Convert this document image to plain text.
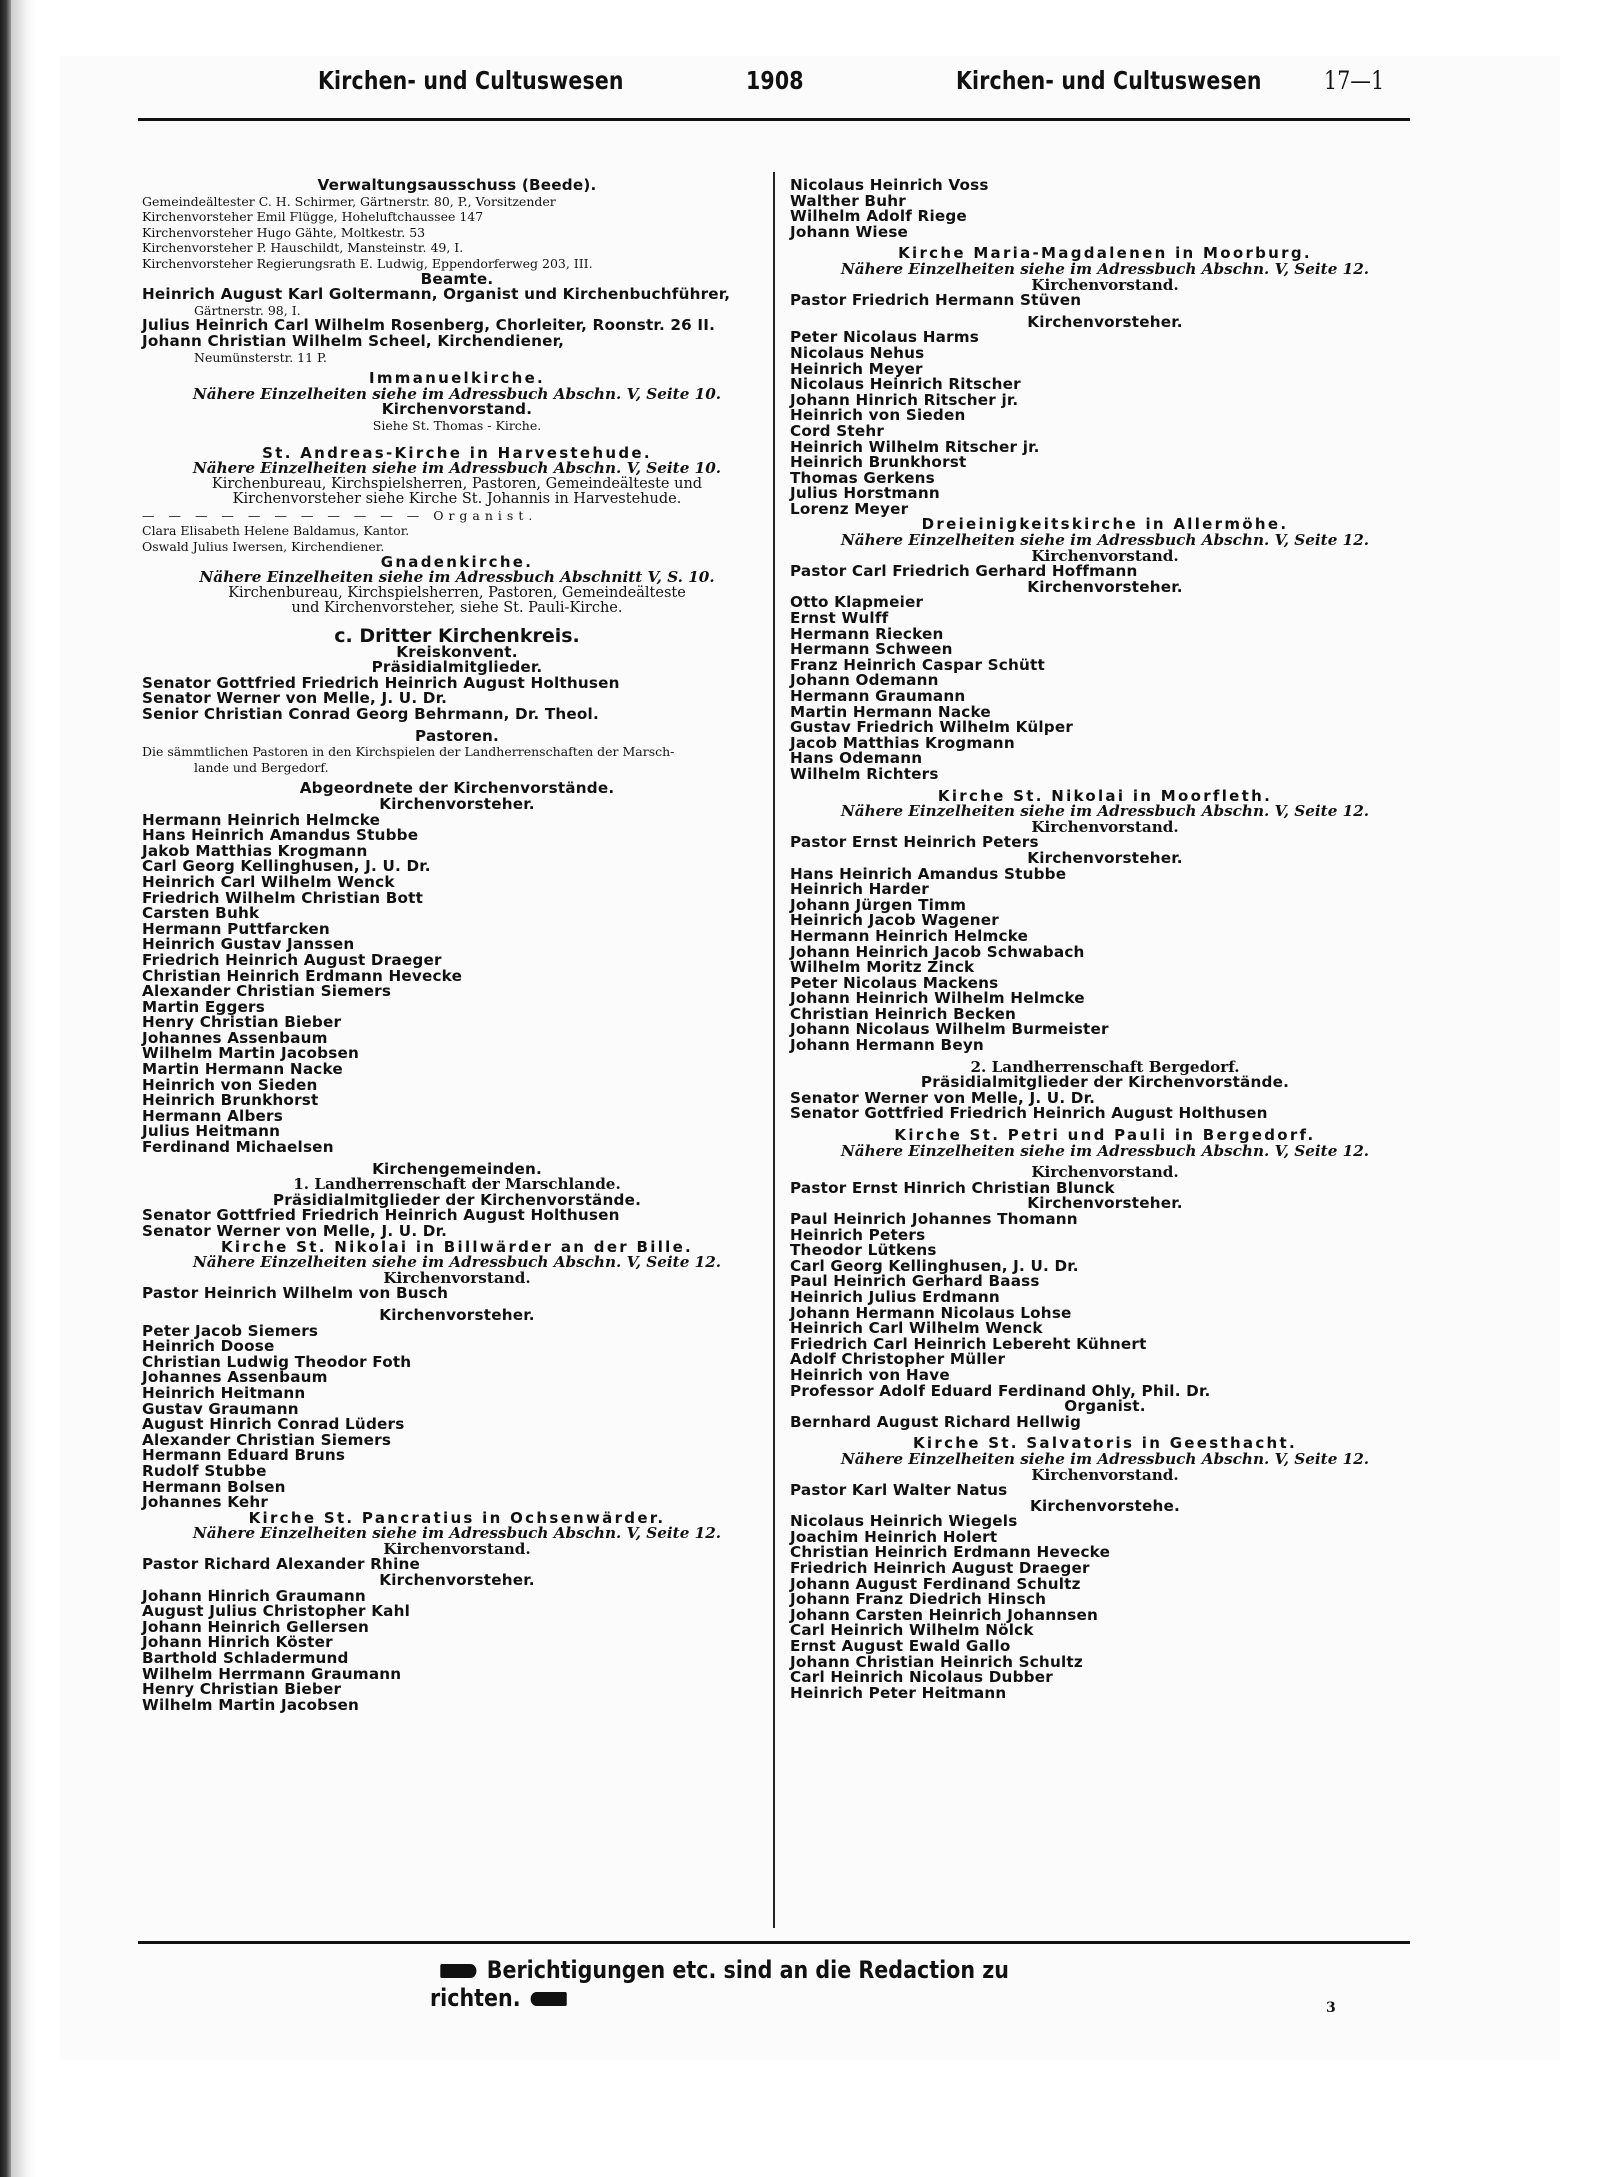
Kirchen- und Cultuswesen	1908	Kirchen- und Cultuswesen 17—1
Verwaltungsausschuss (Beede).
Gemeindeältester C. H. Schirmer, Gärtnerstr. 80, P., Vorsitzender
Kirchenvorsteher Emil Flügge, Hoheluftchaussee 147
Kirchenvorsteher Hugo Gähte, Moltkestr. 53
Kirchenvorsteher P. Hauschildt, Mansteinstr. 49, I.
Kirchenvorsteher Regierungsrath E. Ludwig, Eppendorferweg 203, III.
Beamte.
Heinrich August Karl Goltermann, Organist und Kirchenbuchführer,
Gärtnerstr. 98, I.
Julius Heinrich Carl Wilhelm Rosenberg, Chorleiter, Roonstr. 26 II.
Johann Christian Wilhelm Scheel, Kirchendiener,
Neumünsterstr. 11 P.
Immanuelkirche.
Nähere Einzelheiten siehe im Adressbuch Abschn. V, Seite 10.
Kirchenvorstand.
Siehe St. Thomas - Kirche.
St. Andreas-Kirche in Harvestehude.
Nähere Einzelheiten siehe im Adressbuch Abschn. V, Seite 10.
Kirchenbureau, Kirchspielsherren, Pastoren, Gemeindeälteste und
Kirchenvorsteher siehe Kirche St. Johannis in Harvestehude.
— — — — — — — — — — — Organist.
Clara Elisabeth Helene Baldamus, Kantor.
Oswald Julius Iwersen, Kirchendiener.
Gnadenkirche.
Nähere Einzelheiten siehe im Adressbuch Abschnitt V, S. 10.
Kirchenbureau, Kirchspielsherren, Pastoren, Gemeindeälteste
und Kirchenvorsteher, siehe St. Pauli-Kirche.
c. Dritter Kirchenkreis.
Kreiskonvent.
Präsidialmitglieder.
Senator Gottfried Friedrich Heinrich August Holthusen
Senator Werner von Melle, J. U. Dr.
Senior Christian Conrad Georg Behrmann, Dr. Theol.
Pastoren.
Die sämmtlichen Pastoren in den Kirchspielen der Landherrenschaften der Marsch-
lande und Bergedorf.
Abgeordnete der Kirchenvorstände.
Kirchenvorsteher.
Hermann Heinrich Helmcke
Hans Heinrich Amandus Stubbe
Jakob Matthias Krogmann
Carl Georg Kellinghusen, J. U. Dr.
Heinrich Carl Wilhelm Wenck
Friedrich Wilhelm Christian Bott
Carsten Buhk
Hermann Puttfarcken
Heinrich Gustav Janssen
Friedrich Heinrich August Draeger
Christian Heinrich Erdmann Hevecke
Alexander Christian Siemers
Martin Eggers
Henry Christian Bieber
Johannes Assenbaum
Wilhelm Martin Jacobsen
Martin Hermann Nacke
Heinrich von Sieden
Heinrich Brunkhorst
Hermann Albers
Julius Heitmann
Ferdinand Michaelsen
Kirchengemeinden.
1. Landherrenschaft der Marschlande.
Präsidialmitglieder der Kirchenvorstände.
Senator Gottfried Friedrich Heinrich August Holthusen
Senator Werner von Melle, J. U. Dr.
Kirche St. Nikolai in Billwärder an der Bille.
Nähere Einzelheiten siehe im Adressbuch Abschn. V, Seite 12.
Kirchenvorstand.
Pastor Heinrich Wilhelm von Busch
Kirchenvorsteher.
Peter Jacob Siemers
Heinrich Doose
Christian Ludwig Theodor Foth
Johannes Assenbaum
Heinrich Heitmann
Gustav Graumann
August Hinrich Conrad Lüders
Alexander Christian Siemers
Hermann Eduard Bruns
Rudolf Stubbe
Hermann Bolsen
Johannes Kehr
Kirche St. Pancratius in Ochsenwärder.
Nähere Einzelheiten siehe im Adressbuch Abschn. V, Seite 12.
Kirchenvorstand.
Pastor Richard Alexander Rhine
Kirchenvorsteher.
Johann Hinrich Graumann
August Julius Christopher Kahl
Johann Heinrich Gellersen
Johann Hinrich Köster
Barthold Schladermund
Wilhelm Herrmann Graumann
Henry Christian Bieber
Wilhelm Martin Jacobsen
Nicolaus Heinrich Voss
Walther Buhr
Wilhelm Adolf Riege
Johann Wiese
Kirche Maria-Magdalenen in Moorburg.
Nähere Einzelheiten siehe im Adressbuch Abschn. V, Seite 12.
Kirchenvorstand.
Pastor Friedrich Hermann Stüven
Kirchenvorsteher.
Peter Nicolaus Harms
Nicolaus Nehus
Heinrich Meyer
Nicolaus Heinrich Ritscher
Johann Hinrich Ritscher jr.
Heinrich von Sieden
Cord Stehr
Heinrich Wilhelm Ritscher jr.
Heinrich Brunkhorst
Thomas Gerkens
Julius Horstmann
Lorenz Meyer
Dreieinigkeitskirche in Allermöhe.
Nähere Einzelheiten siehe im Adressbuch Abschn. V, Seite 12.
Kirchenvorstand.
Pastor Carl Friedrich Gerhard Hoffmann
Kirchenvorsteher.
Otto Klapmeier
Ernst Wulff
Hermann Riecken
Hermann Schween
Franz Heinrich Caspar Schütt
Johann Odemann
Hermann Graumann
Martin Hermann Nacke
Gustav Friedrich Wilhelm Külper
Jacob Matthias Krogmann
Hans Odemann
Wilhelm Richters
Kirche St. Nikolai in Moorfleth.
Nähere Einzelheiten siehe im Adressbuch Abschn. V, Seite 12.
Kirchenvorstand.
Pastor Ernst Heinrich Peters
Kirchenvorsteher.
Hans Heinrich Amandus Stubbe
Heinrich Harder
Johann Jürgen Timm
Heinrich Jacob Wagener
Hermann Heinrich Helmcke
Johann Heinrich Jacob Schwabach
Wilhelm Moritz Zinck
Peter Nicolaus Mackens
Johann Heinrich Wilhelm Helmcke
Christian Heinrich Becken
Johann Nicolaus Wilhelm Burmeister
Johann Hermann Beyn
2. Landherrenschaft Bergedorf.
Präsidialmitglieder der Kirchenvorstände.
Senator Werner von Melle, J. U. Dr.
Senator Gottfried Friedrich Heinrich August Holthusen
Kirche St. Petri und Pauli in Bergedorf.
Nähere Einzelheiten siehe im Adressbuch Abschn. V, Seite 12.
Kirchenvorstand.
Pastor Ernst Hinrich Christian Blunck
Kirchenvorsteher.
Paul Heinrich Johannes Thomann
Heinrich Peters
Theodor Lütkens
Carl Georg Kellinghusen, J. U. Dr.
Paul Heinrich Gerhard Baass
Heinrich Julius Erdmann
Johann Hermann Nicolaus Lohse
Heinrich Carl Wilhelm Wenck
Friedrich Carl Heinrich Lebereht Kühnert
Adolf Christopher Müller
Heinrich von Have
Professor Adolf Eduard Ferdinand Ohly, Phil. Dr.
Organist.
Bernhard August Richard Hellwig
Kirche St. Salvatoris in Geesthacht.
Nähere Einzelheiten siehe im Adressbuch Abschn. V, Seite 12.
Kirchenvorstand.
Pastor Karl Walter Natus
Kirchenvorstehe.
Nicolaus Heinrich Wiegels
Joachim Heinrich Holert
Christian Heinrich Erdmann Hevecke
Friedrich Heinrich August Draeger
Johann August Ferdinand Schultz
Johann Franz Diedrich Hinsch
Johann Carsten Heinrich Johannsen
Carl Heinrich Wilhelm Nölck
Ernst August Ewald Gallo
Johann Christian Heinrich Schultz
Carl Heinrich Nicolaus Dubber
Heinrich Peter Heitmann
Berichtigungen etc. sind an die Redaction zu richten.	3
